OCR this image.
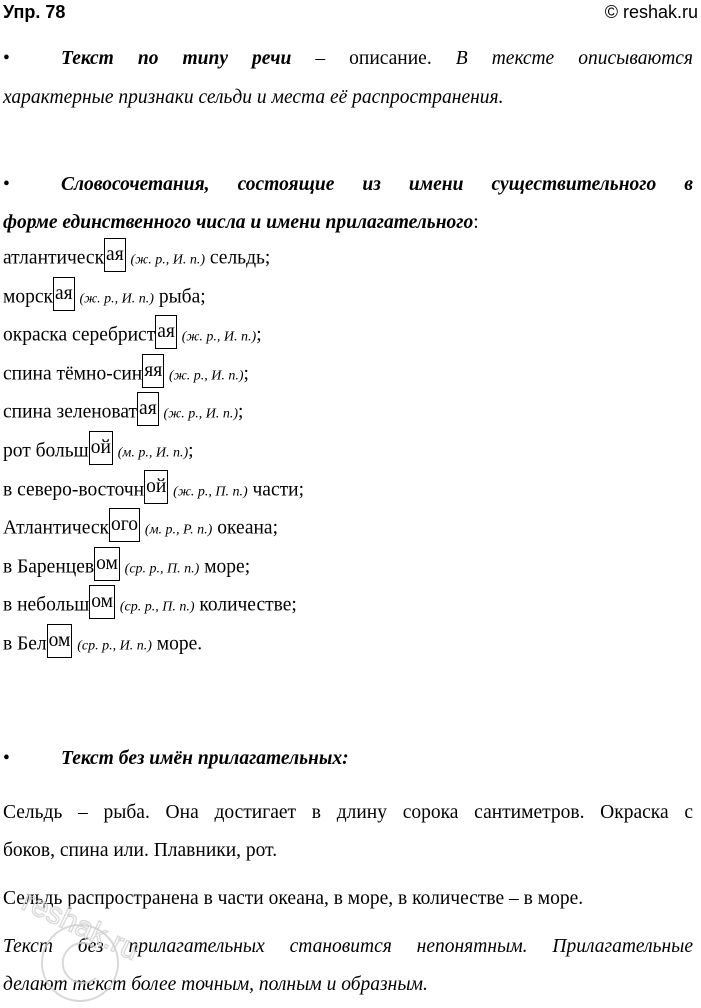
Упр. 78	© reshak.ru
•	Текст по типу речи – описание. В тексте описываются
характерные признаки сельди и места её распространения.
•	Словосочетания, состоящие из имени существительного в
форме единственного числа и имени прилагательного:
атлантическ ая (ж. р., И. п.) сельдь;
морск ая (ж. р., И. п.) рыба;
окраска серебрист ая (ж. р., И. п.);
спина тёмно-син яя (ж. р., И. п.);
спина зеленоват ая (ж. р., И. п.);
рот больш ой (м. р., И. п.);
в северо-восточн ой (ж. р., П. п.) части;
Атлантическ ого (м. р., Р. п.) океана;
в Баренцев ом (ср. р., П. п.) море;
в небольш ом (ср. р., П. п.) количестве;
в Бел ом (ср. р., И. п.) море.
•	Текст без имён прилагательных:
Сельдь – рыба. Она достигает в длину сорока сантиметров. Окраска с
боков, спина или. Плавники, рот.
Сельдь распространена в части океана, в море, в количестве – в море.
Текст без прилагательных становится непонятным. Прилагательные
делают текст более точным, полным и образным.
reshak.ru
